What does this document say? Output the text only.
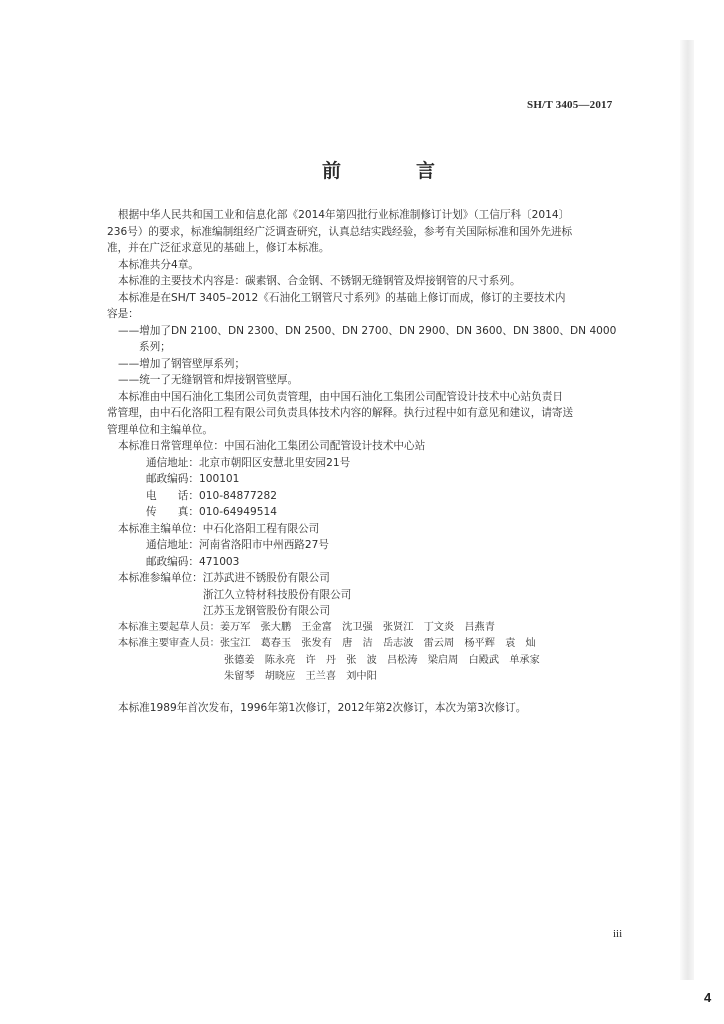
SH/T 3405—2017
前　言
根据中华人民共和国工业和信息化部《2014年第四批行业标准制修订计划》（工信厅科〔2014〕
236号）的要求，标准编制组经广泛调查研究，认真总结实践经验，参考有关国际标准和国外先进标
准，并在广泛征求意见的基础上，修订本标准。
本标准共分4章。
本标准的主要技术内容是：碳素钢、合金钢、不锈钢无缝钢管及焊接钢管的尺寸系列。
本标准是在SH/T 3405–2012《石油化工钢管尺寸系列》的基础上修订而成，修订的主要技术内
容是：
——增加了DN 2100、DN 2300、DN 2500、DN 2700、DN 2900、DN 3600、DN 3800、DN 4000
系列；
——增加了钢管壁厚系列；
——统一了无缝钢管和焊接钢管壁厚。
本标准由中国石油化工集团公司负责管理，由中国石油化工集团公司配管设计技术中心站负责日
常管理，由中石化洛阳工程有限公司负责具体技术内容的解释。执行过程中如有意见和建议，请寄送
管理单位和主编单位。
本标准日常管理单位：中国石油化工集团公司配管设计技术中心站
通信地址：北京市朝阳区安慧北里安园21号
邮政编码：100101
电　　话：010-84877282
传　　真：010-64949514
本标准主编单位：中石化洛阳工程有限公司
通信地址：河南省洛阳市中州西路27号
邮政编码：471003
本标准参编单位：江苏武进不锈股份有限公司
浙江久立特材科技股份有限公司
江苏玉龙钢管股份有限公司
本标准主要起草人员：姜万军　张大鹏　王金富　沈卫强　张贤江　丁文炎　吕燕青
本标准主要审查人员：张宝江　葛春玉　张发有　唐　洁　岳志波　雷云周　杨平辉　袁　灿
张德姜　陈永亮　许　丹　张　波　吕松涛　梁启周　白殿武　单承家
朱留琴　胡晓应　王兰喜　刘中阳
本标准1989年首次发布，1996年第1次修订，2012年第2次修订，本次为第3次修订。
iii
4
